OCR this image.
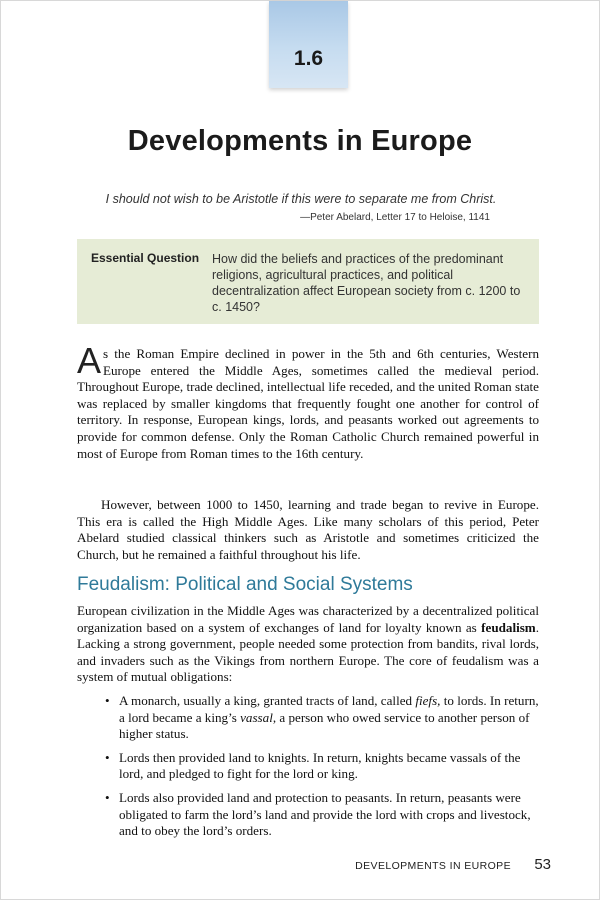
1.6
Developments in Europe
I should not wish to be Aristotle if this were to separate me from Christ.
—Peter Abelard, Letter 17 to Heloise, 1141
Essential Question How did the beliefs and practices of the predominant religions, agricultural practices, and political decentralization affect European society from c. 1200 to c. 1450?
As the Roman Empire declined in power in the 5th and 6th centuries, Western Europe entered the Middle Ages, sometimes called the medieval period. Throughout Europe, trade declined, intellectual life receded, and the united Roman state was replaced by smaller kingdoms that frequently fought one another for control of territory. In response, European kings, lords, and peasants worked out agreements to provide for common defense. Only the Roman Catholic Church remained powerful in most of Europe from Roman times to the 16th century.
However, between 1000 to 1450, learning and trade began to revive in Europe. This era is called the High Middle Ages. Like many scholars of this period, Peter Abelard studied classical thinkers such as Aristotle and sometimes criticized the Church, but he remained a faithful throughout his life.
Feudalism: Political and Social Systems
European civilization in the Middle Ages was characterized by a decentralized political organization based on a system of exchanges of land for loyalty known as feudalism. Lacking a strong government, people needed some protection from bandits, rival lords, and invaders such as the Vikings from northern Europe. The core of feudalism was a system of mutual obligations:
• A monarch, usually a king, granted tracts of land, called fiefs, to lords. In return, a lord became a king’s vassal, a person who owed service to another person of higher status.
• Lords then provided land to knights. In return, knights became vassals of the lord, and pledged to fight for the lord or king.
• Lords also provided land and protection to peasants. In return, peasants were obligated to farm the lord’s land and provide the lord with crops and livestock, and to obey the lord’s orders.
DEVELOPMENTS IN EUROPE 53
